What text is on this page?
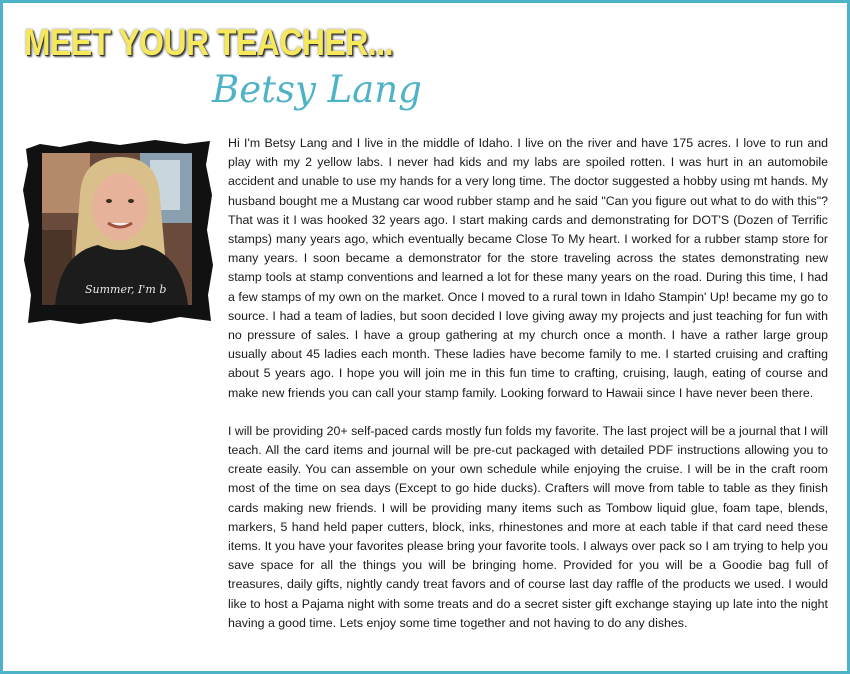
MEET YOUR TEACHER...
Betsy Lang
Summer, I'm b

Hi I'm Betsy Lang and I live in the middle of Idaho. I live on the river and have 175 acres. I love to run and play with my 2 yellow labs. I never had kids and my labs are spoiled rotten. I was hurt in an automobile accident and unable to use my hands for a very long time. The doctor suggested a hobby using mt hands. My husband bought me a Mustang car wood rubber stamp and he said "Can you figure out what to do with this"? That was it I was hooked 32 years ago. I start making cards and demonstrating for DOT'S (Dozen of Terrific stamps) many years ago, which eventually became Close To My heart. I worked for a rubber stamp store for many years. I soon became a demonstrator for the store traveling across the states demonstrating new stamp tools at stamp conventions and learned a lot for these many years on the road. During this time, I had a few stamps of my own on the market. Once I moved to a rural town in Idaho Stampin' Up! became my go to source. I had a team of ladies, but soon decided I love giving away my projects and just teaching for fun with no pressure of sales. I have a group gathering at my church once a month. I have a rather large group usually about 45 ladies each month. These ladies have become family to me. I started cruising and crafting about 5 years ago. I hope you will join me in this fun time to crafting, cruising, laugh, eating of course and make new friends you can call your stamp family. Looking forward to Hawaii since I have never been there.

I will be providing 20+ self-paced cards mostly fun folds my favorite. The last project will be a journal that I will teach. All the card items and journal will be pre-cut packaged with detailed PDF instructions allowing you to create easily. You can assemble on your own schedule while enjoying the cruise. I will be in the craft room most of the time on sea days (Except to go hide ducks). Crafters will move from table to table as they finish cards making new friends. I will be providing many items such as Tombow liquid glue, foam tape, blends, markers, 5 hand held paper cutters, block, inks, rhinestones and more at each table if that card need these items. It you have your favorites please bring your favorite tools. I always over pack so I am trying to help you save space for all the things you will be bringing home. Provided for you will be a Goodie bag full of treasures, daily gifts, nightly candy treat favors and of course last day raffle of the products we used. I would like to host a Pajama night with some treats and do a secret sister gift exchange staying up late into the night having a good time. Lets enjoy some time together and not having to do any dishes.
